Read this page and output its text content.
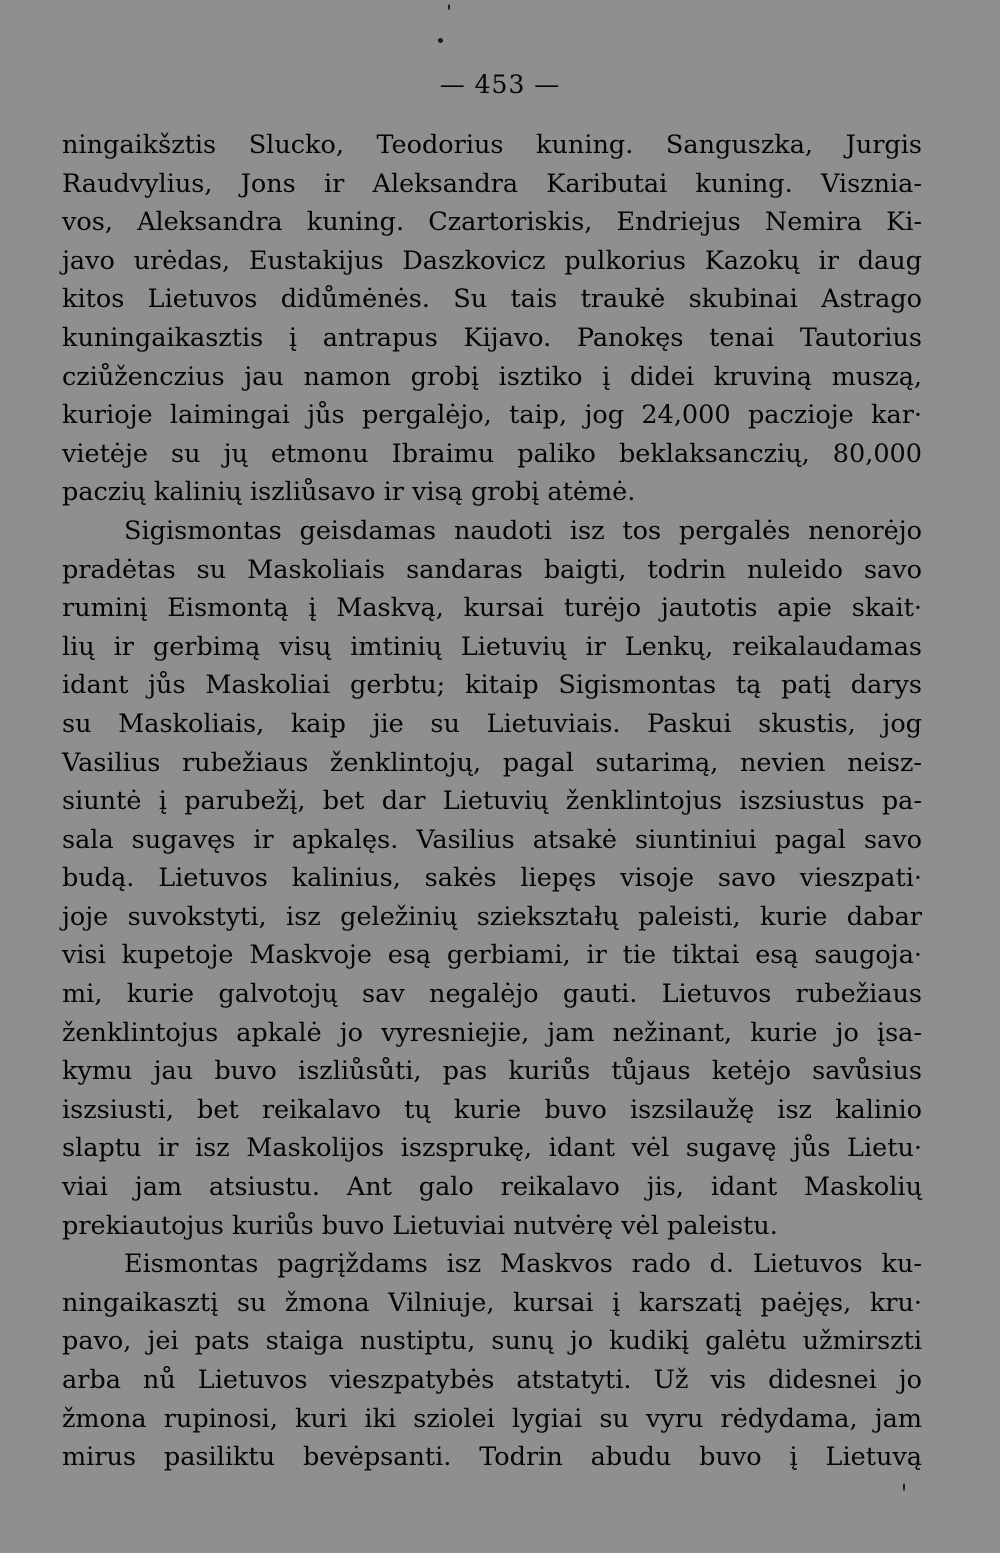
— 453 —
ningaikšztis Slucko, Teodorius kuning. Sanguszka, Jurgis
Raudvylius, Jons ir Aleksandra Kaributai kuning. Viszniа-
vos, Aleksandra kuning. Czartoriskis, Endriejus Nemira Ki-
javo urėdas, Eustakijus Daszkovicz pulkorius Kazokų ir daug
kitos Lietuvos didůmėnės. Su tais traukė skubinai Astrago
kuningaikasztis į antrapus Kijavo. Panokęs tenai Tautorius
cziůženczius jau namon grobį isztiko į didei kruviną muszą,
kurioje laimingai jůs pergalėjo, taip, jog 24,000 paczioje kar·
vietėje su jų etmonu Ibraimu paliko beklaksanczių, 80,000
paczių kalinių iszliůsavo ir visą grobį atėmė.
Sigismontas geisdamas naudoti isz tos pergalės nenorėjo
pradėtas su Maskoliais sandaras baigti, todrin nuleido savo
ruminį Eismontą į Maskvą, kursai turėjo jautotis apie skait·
lių ir gerbimą visų imtinių Lietuvių ir Lenkų, reikalaudamas
idant jůs Maskoliai gerbtu; kitaip Sigismontas tą patį darys
su Maskoliais, kaip jie su Lietuviais. Paskui skustis, jog
Vasilius rubežiaus ženklintojų, pagal sutarimą, nevien neisz-
siuntė į parubežį, bet dar Lietuvių ženklintojus iszsiustus pa-
sala sugavęs ir apkalęs. Vasilius atsakė siuntiniui pagal savo
budą. Lietuvos kalinius, sakės liepęs visoje savo vieszpati·
joje suvokstyti, isz geležinių sziekształų paleisti, kurie dabar
visi kupetoje Maskvoje esą gerbiami, ir tie tiktai esą saugoja·
mi, kurie galvotojų sav negalėjo gauti. Lietuvos rubežiaus
ženklintojus apkalė jo vyresniejie, jam nežinant, kurie jo įsa-
kymu jau buvo iszliůsůti, pas kuriůs tůjaus ketėjo savůsius
iszsiusti, bet reikalavo tų kurie buvo iszsilaužę isz kalinio
slaptu ir isz Maskolijos iszsprukę, idant vėl sugavę jůs Lietu·
viai jam atsiustu. Ant galo reikalavo jis, idant Maskolių
prekiautojus kuriůs buvo Lietuviai nutvėrę vėl paleistu.
Eismontas pagrįždams isz Maskvos rado d. Lietuvos ku-
ningaikasztį su žmona Vilniuje, kursai į karszatį paėjęs, kru·
pavo, jei pats staiga nustiptu, sunų jo kudikį galėtu užmirszti
arba nů Lietuvos vieszpatybės atstatyti. Už vis didesnei jo
žmona rupinosi, kuri iki sziolei lygiai su vyru rėdydama, jam
mirus pasiliktu bevėpsanti. Todrin abudu buvo į Lietuvą
